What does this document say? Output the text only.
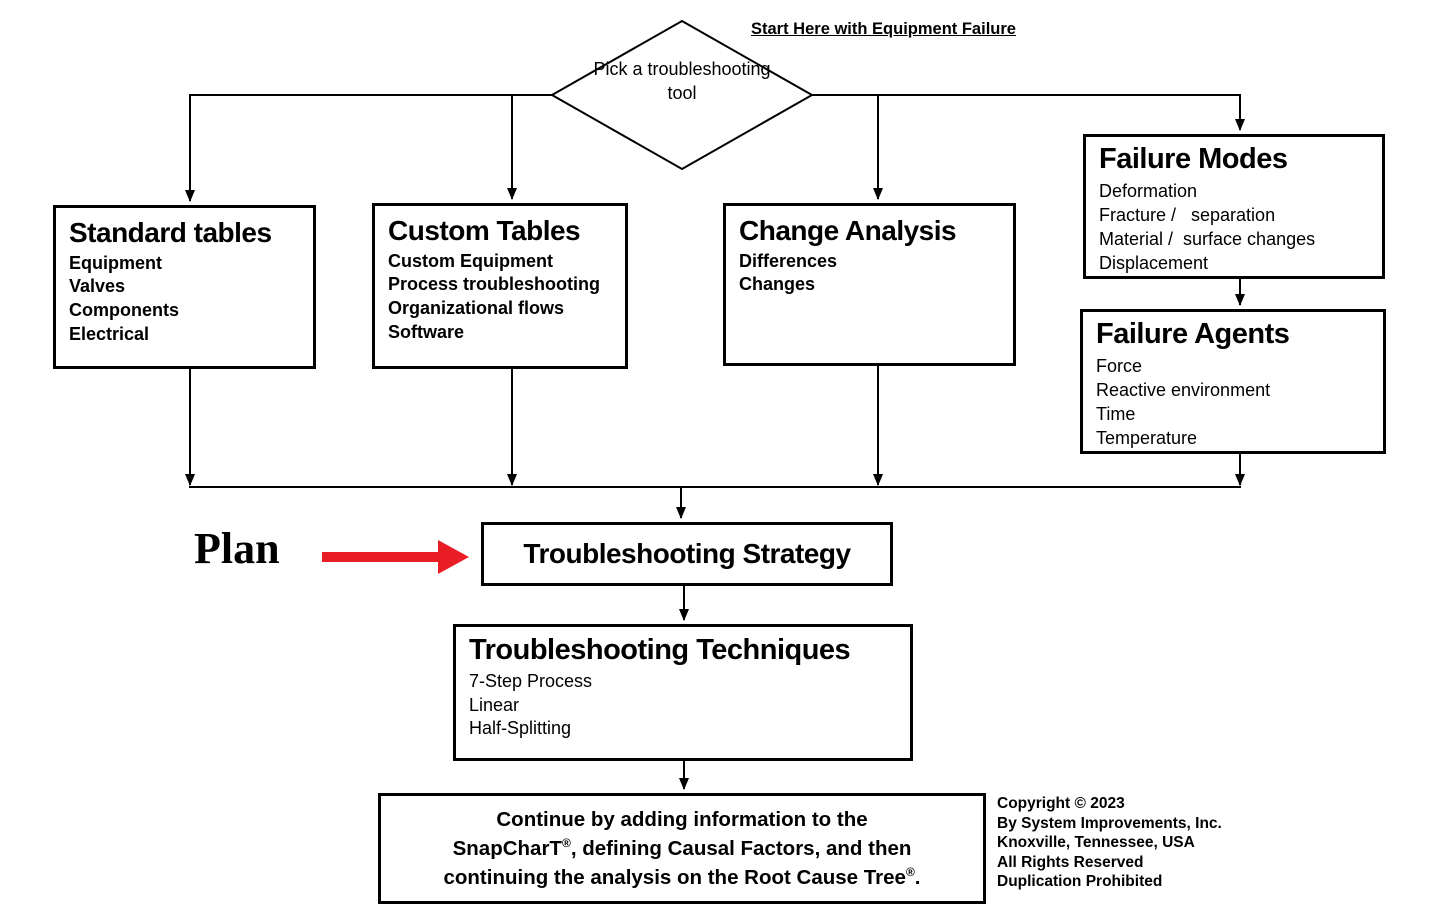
Start Here with Equipment Failure
Pick a troubleshooting tool
Standard tables
Equipment
Valves
Components
Electrical
Custom Tables
Custom Equipment
Process troubleshooting
Organizational flows
Software
Change Analysis
Differences
Changes
Failure Modes
Deformation
Fracture /   separation
Material /  surface changes
Displacement
Failure Agents
Force
Reactive environment
Time
Temperature
Troubleshooting Strategy
Troubleshooting Techniques
7-Step Process
Linear
Half-Splitting
Continue by adding information to the
SnapCharT®, defining Causal Factors, and then
continuing the analysis on the Root Cause Tree®.
Plan
Copyright © 2023
By System Improvements, Inc.
Knoxville, Tennessee, USA
All Rights Reserved
Duplication Prohibited
